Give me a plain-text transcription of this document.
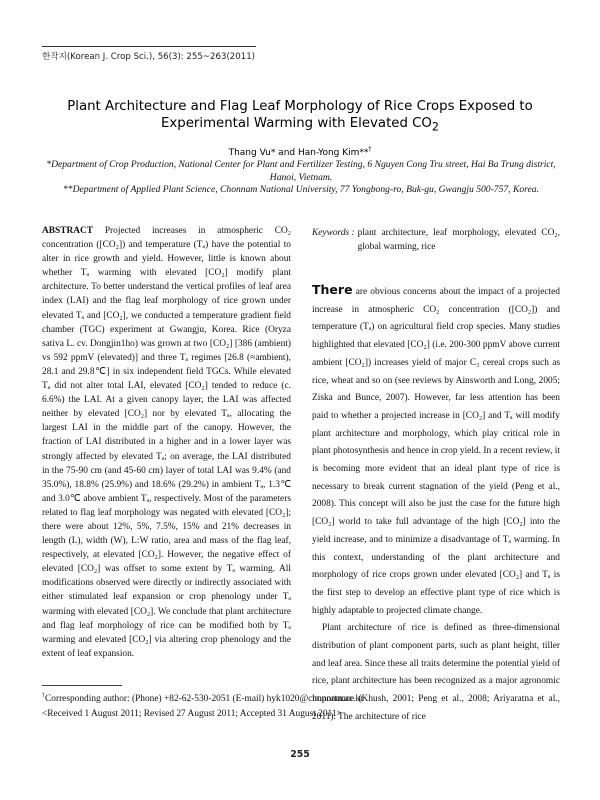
한작지(Korean J. Crop Sci.), 56(3): 255~263(2011)
Plant Architecture and Flag Leaf Morphology of Rice Crops Exposed to
Experimental Warming with Elevated $CO_2$
Thang Vu* and Han-Yong Kim**†
*Department of Crop Production, National Center for Plant and Fertilizer Testing, 6 Nguyen Cong Tru street, Hai Ba Trung district, Hanoi, Vietnam.
**Department of Applied Plant Science, Chonnam National University, 77 Yongbong-ro, Buk-gu, Gwangju 500-757, Korea.
ABSTRACT Projected increases in atmospheric CO₂ concentration ([CO₂]) and temperature (Tₐ) have the potential to alter in rice growth and yield. However, little is known about whether Tₐ warming with elevated [CO₂] modify plant architecture. To better understand the vertical profiles of leaf area index (LAI) and the flag leaf morphology of rice grown under elevated Tₐ and [CO₂], we conducted a temperature gradient field chamber (TGC) experiment at Gwangju, Korea. Rice (Oryza sativa L. cv. Dongjin1ho) was grown at two [CO₂] [386 (ambient) vs 592 ppmV (elevated)] and three Tₐ regimes [26.8 (≈ambient), 28.1 and 29.8℃] in six independent field TGCs. While elevated Tₐ did not alter total LAI, elevated [CO₂] tended to reduce (c. 6.6%) the LAI. At a given canopy layer, the LAI was affected neither by elevated [CO₂] nor by elevated Tₐ, allocating the largest LAI in the middle part of the canopy. However, the fraction of LAI distributed in a higher and in a lower layer was strongly affected by elevated Tₐ; on average, the LAI distributed in the 75-90 cm (and 45-60 cm) layer of total LAI was 9.4% (and 35.0%), 18.8% (25.9%) and 18.6% (29.2%) in ambient Tₐ, 1.3℃ and 3.0℃ above ambient Tₐ, respectively. Most of the parameters related to flag leaf morphology was negated with elevated [CO₂]; there were about 12%, 5%, 7.5%, 15% and 21% decreases in length (L), width (W), L:W ratio, area and mass of the flag leaf, respectively, at elevated [CO₂]. However, the negative effect of elevated [CO₂] was offset to some extent by Tₐ warming. All modifications observed were directly or indirectly associated with either stimulated leaf expansion or crop phenology under Tₐ warming with elevated [CO₂]. We conclude that plant architecture and flag leaf morphology of rice can be modified both by Tₐ warming and elevated [CO₂] via altering crop phenology and the extent of leaf expansion.
Keywords : plant architecture, leaf morphology, elevated CO₂, global warming, rice

There are obvious concerns about the impact of a projected increase in atmospheric CO₂ concentration ([CO₂]) and temperature (Tₐ) on agricultural field crop species. Many studies highlighted that elevated [CO₂] (i.e. 200-300 ppmV above current ambient [CO₂]) increases yield of major C₃ cereal crops such as rice, wheat and so on (see reviews by Ainsworth and Long, 2005; Ziska and Bunce, 2007). However, far less attention has been paid to whether a projected increase in [CO₂] and Tₐ will modify plant architecture and morphology, which play critical role in plant photosynthesis and hence in crop yield. In a recent review, it is becoming more evident that an ideal plant type of rice is necessary to break current stagnation of the yield (Peng et al., 2008). This concept will also be just the case for the future high [CO₂] world to take full advantage of the high [CO₂] into the yield increase, and to minimize a disadvantage of Tₐ warming. In this context, understanding of the plant architecture and morphology of rice crops grown under elevated [CO₂] and Tₐ is the first step to develop an effective plant type of rice which is highly adaptable to projected climate change.

Plant architecture of rice is defined as three-dimensional distribution of plant component parts, such as plant height, tiller and leaf area. Since these all traits determine the potential yield of rice, plant architecture has been recognized as a major agronomic importance (Khush, 2001; Peng et al., 2008; Ariyaratna et al., 2011). The architecture of rice

†Corresponding author: (Phone) +82-62-530-2051 (E-mail) hyk1020@chonnam.ac.kr
<Received 1 August 2011; Revised 27 August 2011; Accepted 31 August 2011>
255
